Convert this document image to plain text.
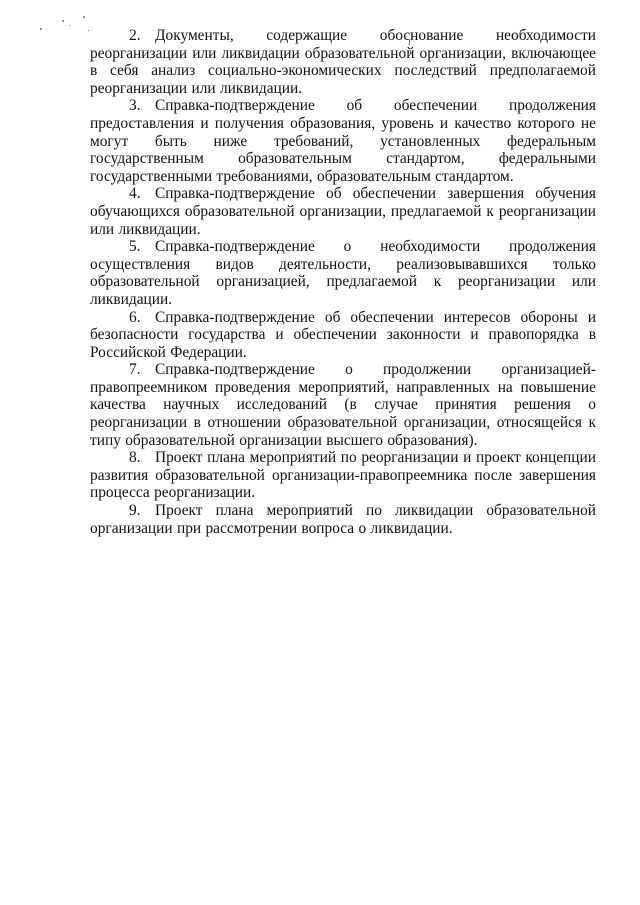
2. Документы, содержащие обоснование необходимости реорганизации или ликвидации образовательной организации, включающее в себя анализ социально-экономических последствий предполагаемой реорганизации или ликвидации.

3. Справка-подтверждение об обеспечении продолжения предоставления и получения образования, уровень и качество которого не могут быть ниже требований, установленных федеральным государственным образовательным стандартом, федеральными государственными требованиями, образовательным стандартом.

4. Справка-подтверждение об обеспечении завершения обучения обучающихся образовательной организации, предлагаемой к реорганизации или ликвидации.

5. Справка-подтверждение о необходимости продолжения осуществления видов деятельности, реализовывавшихся только образовательной организацией, предлагаемой к реорганизации или ликвидации.

6. Справка-подтверждение об обеспечении интересов обороны и безопасности государства и обеспечении законности и правопорядка в Российской Федерации.

7. Справка-подтверждение о продолжении организацией-правопреемником проведения мероприятий, направленных на повышение качества научных исследований (в случае принятия решения о реорганизации в отношении образовательной организации, относящейся к типу образовательной организации высшего образования).

8. Проект плана мероприятий по реорганизации и проект концепции развития образовательной организации-правопреемника после завершения процесса реорганизации.

9. Проект плана мероприятий по ликвидации образовательной организации при рассмотрении вопроса о ликвидации.
